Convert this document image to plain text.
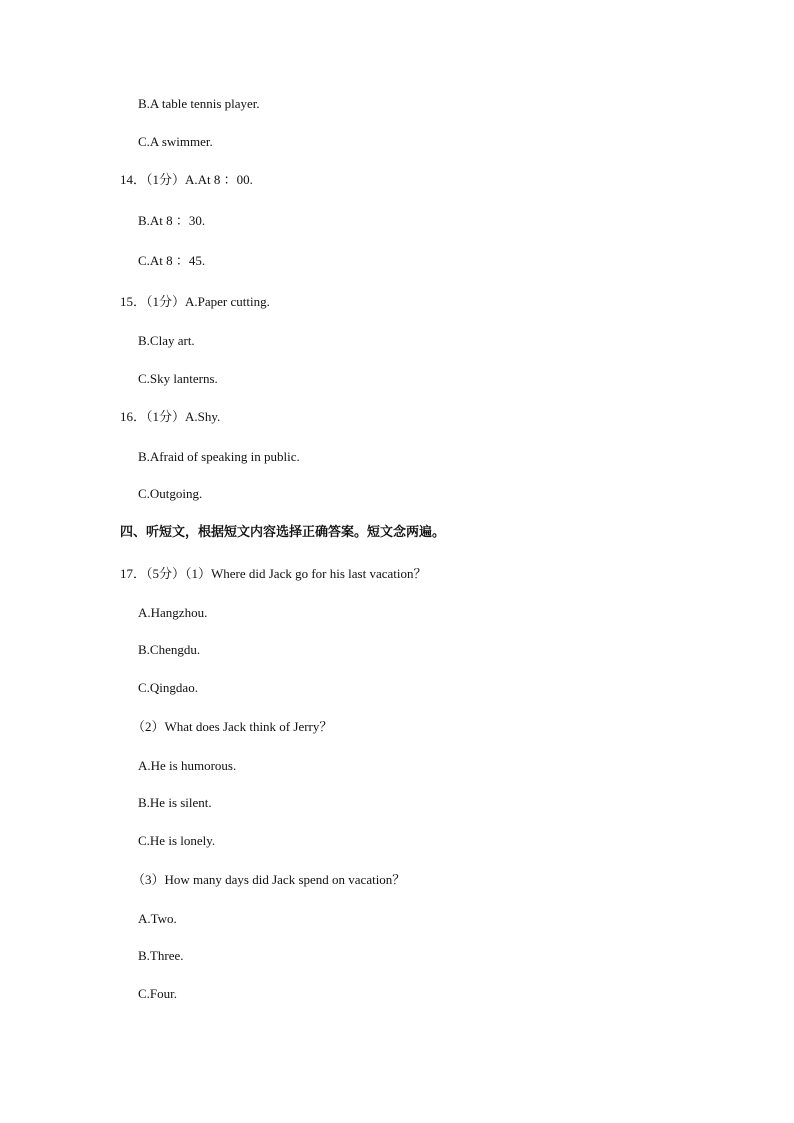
B.A table tennis player.
C.A swimmer.
14．（1分）A.At 8 ：00.
B.At 8 ：30.
C.At 8 ：45.
15．（1分）A.Paper cutting.
B.Clay art.
C.Sky lanterns.
16．（1分）A.Shy.
B.Afraid of speaking in public.
C.Outgoing.
四、听短文，根据短文内容选择正确答案。短文念两遍。
17．（5分）（1）Where did Jack go for his last vacation？
A.Hangzhou.
B.Chengdu.
C.Qingdao.
（2）What does Jack think of Jerry？
A.He is humorous.
B.He is silent.
C.He is lonely.
（3）How many days did Jack spend on vacation？
A.Two.
B.Three.
C.Four.
